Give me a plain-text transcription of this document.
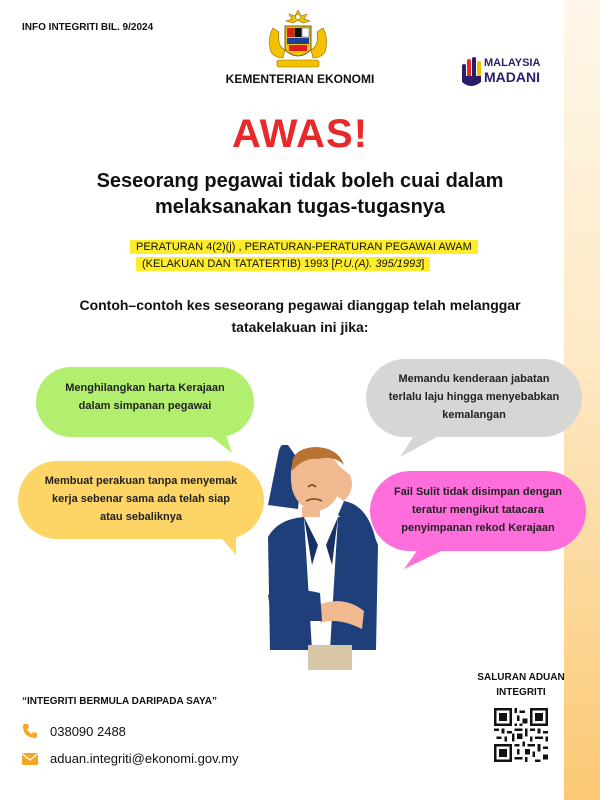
INFO INTEGRITI BIL. 9/2024
KEMENTERIAN EKONOMI
MALAYSIA
MADANI
AWAS!
Seseorang pegawai tidak boleh cuai dalam
melaksanakan tugas-tugasnya
PERATURAN 4(2)(j) , PERATURAN-PERATURAN PEGAWAI AWAM
(KELAKUAN DAN TATATERTIB) 1993 [P.U.(A). 395/1993]
Contoh–contoh kes seseorang pegawai dianggap telah melanggar
tatakelakuan ini jika:
Menghilangkan harta Kerajaan
dalam simpanan pegawai
Memandu kenderaan jabatan
terlalu laju hingga menyebabkan
kemalangan
Membuat perakuan tanpa menyemak
kerja sebenar sama ada telah siap
atau sebaliknya
Fail Sulit tidak disimpan dengan
teratur mengikut tatacara
penyimpanan rekod Kerajaan
“INTEGRITI BERMULA DARIPADA SAYA”
038090 2488
aduan.integriti@ekonomi.gov.my
SALURAN ADUAN
INTEGRITI
